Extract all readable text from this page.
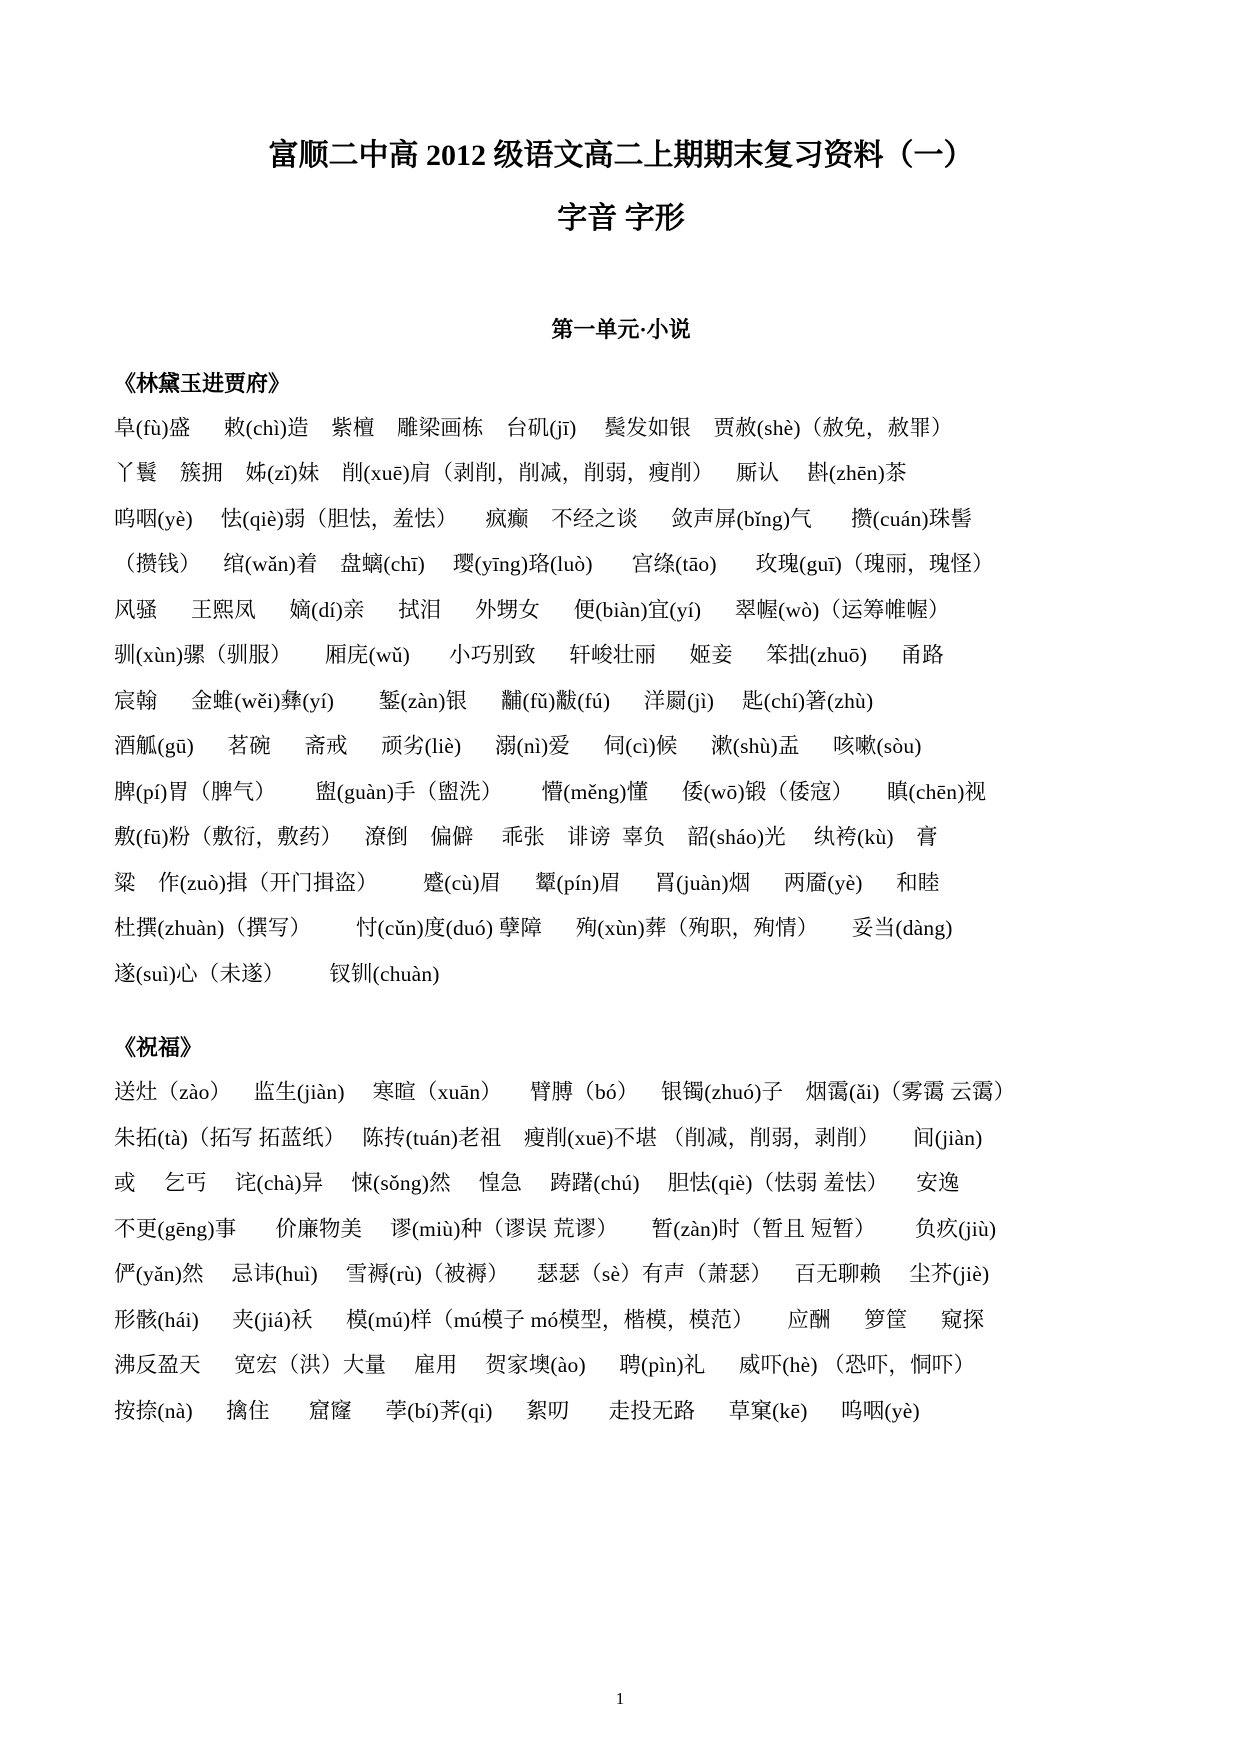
富顺二中高 2012 级语文高二上期期末复习资料（一）
字音 字形
第一单元·小说
《林黛玉进贾府》
阜(fù)盛      敕(chì)造    紫檀    雕梁画栋    台矶(jī)     鬓发如银    贾赦(shè)（赦免，赦罪）
丫鬟    簇拥    姊(zǐ)妹    削(xuē)肩（剥削，削减，削弱，瘦削）    厮认     斟(zhēn)茶
呜咽(yè)     怯(qiè)弱（胆怯，羞怯）     疯癫    不经之谈      敛声屏(bǐng)气       攒(cuán)珠髻
（攒钱）    绾(wǎn)着    盘螭(chī)     璎(yīng)珞(luò)       宫绦(tāo)       玫瑰(guī)（瑰丽，瑰怪）
风骚      王熙凤      嫡(dí)亲      拭泪      外甥女      便(biàn)宜(yí)      翠幄(wò)（运筹帷幄）
驯(xùn)骡（驯服）      厢庑(wǔ)       小巧别致      轩峻壮丽      姬妾      笨拙(zhuō)      甬路
宸翰      金蜼(wěi)彝(yí)        錾(zàn)银      黼(fǔ)黻(fú)      洋罽(jì)     匙(chí)箸(zhù)
酒觚(gū)      茗碗      斋戒      顽劣(liè)      溺(nì)爱      伺(cì)候      漱(shù)盂      咳嗽(sòu)
脾(pí)胃（脾气）       盥(guàn)手（盥洗）       懵(měng)懂      倭(wō)锻（倭寇）      瞋(chēn)视
敷(fū)粉（敷衍，敷药）    潦倒    偏僻     乖张    诽谤  辜负    韶(sháo)光     纨袴(kù)    膏
粱    作(zuò)揖（开门揖盗）        蹙(cù)眉      颦(pín)眉      罥(juàn)烟      两靥(yè)      和睦
杜撰(zhuàn)（撰写）        忖(cǔn)度(duó) 孽障      殉(xùn)葬（殉职，殉情）      妥当(dàng)
遂(suì)心（未遂）        钗钏(chuàn)
《祝福》
送灶（zào）    监生(jiàn)     寒暄（xuān）     臂膊（bó）    银镯(zhuó)子    烟霭(ǎi)（雾霭 云霭）
朱拓(tà)（拓写 拓蓝纸）   陈抟(tuán)老祖    瘦削(xuē)不堪 （削减，削弱，剥削）      间(jiàn)
或     乞丐     诧(chà)异     悚(sǒng)然     惶急     踌躇(chú)     胆怯(qiè)（怯弱 羞怯）     安逸
不更(gēng)事       价廉物美     谬(miù)种（谬误 荒谬）      暂(zàn)时（暂且 短暂）       负疚(jiù)
俨(yǎn)然     忌讳(huì)     雪褥(rù)（被褥）     瑟瑟（sè）有声（萧瑟）    百无聊赖     尘芥(jiè)
形骸(hái)      夹(jiá)袄      模(mú)样（mú模子 mó模型，楷模，模范）      应酬      箩筐      窥探
沸反盈天      宽宏（洪）大量     雇用     贺家墺(ào)      聘(pìn)礼      威吓(hè) （恐吓，恫吓）
按捺(nà)      擒住       窟窿      荸(bí)荠(qi)      絮叨       走投无路      草窠(kē)      呜咽(yè)
1
